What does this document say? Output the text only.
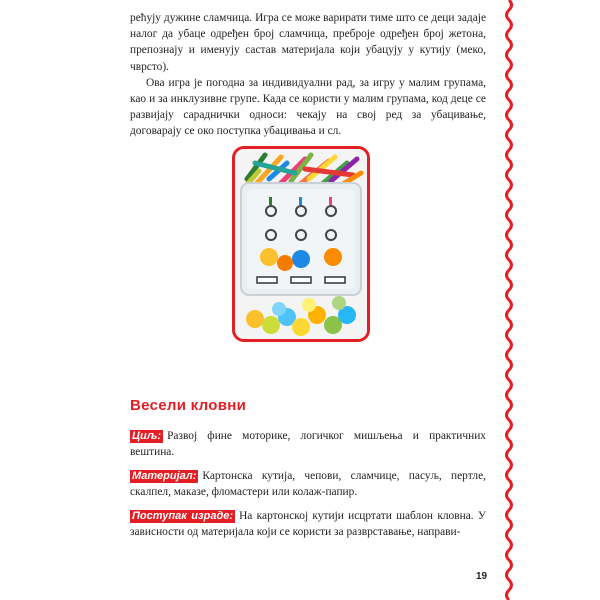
рећују дужине сламчица. Игра се може варирати тиме што се деци задаје налог да убаце одређен број сламчица, преброје одређен број жетона, препознају и именују састав материјала који убацују у кутију (меко, чврсто).

Ова игра је погодна за индивидуални рад, за игру у малим групама, као и за инклузивне групе. Када се користи у малим групама, код деце се развијају сараднички односи: чекају на свој ред за убацивање, договарају се око поступка убацивања и сл.

Весели кловни
Циљ: Развој фине моторике, логичког мишљења и практичних вештина.
Материјал: Картонска кутија, чепови, сламчице, пасуљ, пертле, скалпел, маказе, фломастери или колаж-папир.
Поступак израде: На картонској кутији исцртати шаблон кловна. У зависности од материјала који се користи за разврставање, направи-
19
